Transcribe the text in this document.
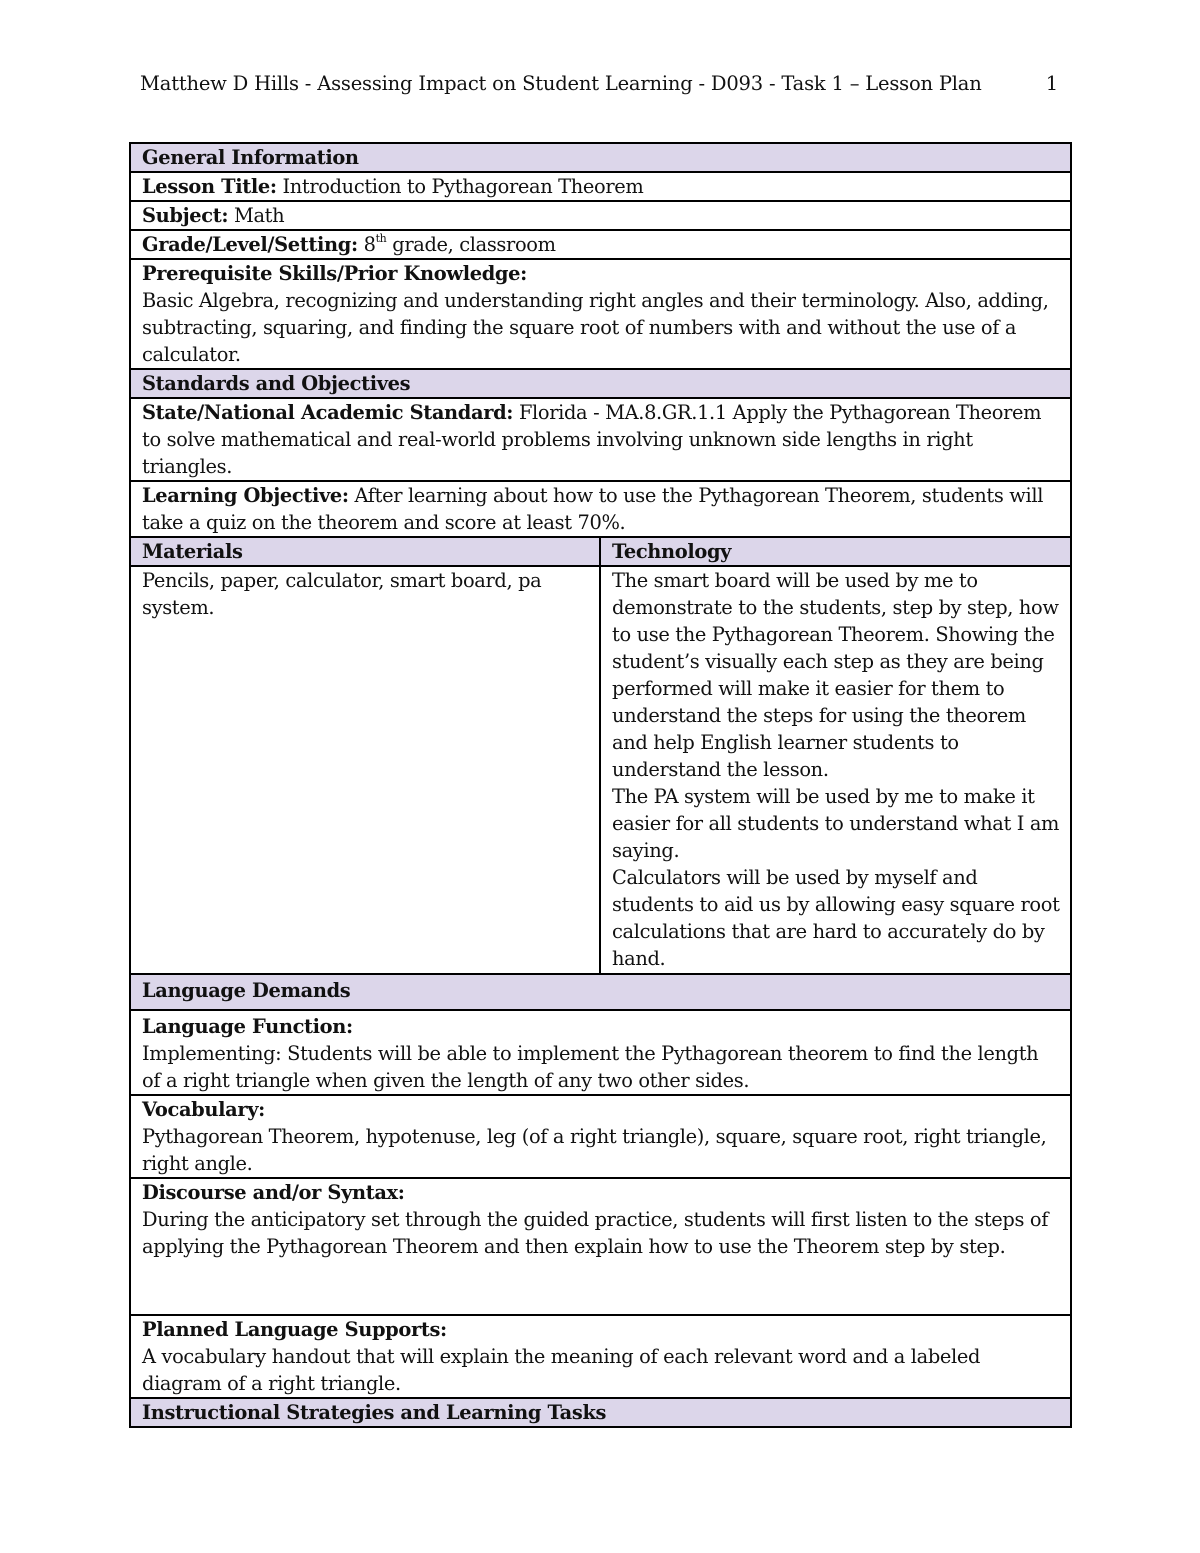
Matthew D Hills - Assessing Impact on Student Learning - D093 - Task 1 – Lesson Plan	1
General Information	
Lesson Title: Introduction to Pythagorean Theorem	
Subject: Math	
Grade/Level/Setting: 8th grade, classroom	

Prerequisite Skills/Prior Knowledge:
Basic Algebra, recognizing and understanding right angles and their terminology. Also, adding, subtracting, squaring, and finding the square root of numbers with and without the use of a calculator.	
Standards and Objectives	
State/National Academic Standard: Florida - MA.8.GR.1.1 Apply the Pythagorean Theorem to solve mathematical and real-world problems involving unknown side lengths in right triangles.	
Learning Objective: After learning about how to use the Pythagorean Theorem, students will take a quiz on the theorem and score at least 70%.	
Materials	Technology

Pencils, paper, calculator, smart board, pa system.	The smart board will be used by me to demonstrate to the students, step by step, how to use the Pythagorean Theorem. Showing the student’s visually each step as they are being performed will make it easier for them to understand the steps for using the theorem and help English learner students to understand the lesson.
The PA system will be used by me to make it easier for all students to understand what I am saying.
Calculators will be used by myself and students to aid us by allowing easy square root calculations that are hard to accurately do by hand.

Language Demands	

Language Function:
Implementing: Students will be able to implement the Pythagorean theorem to find the length of a right triangle when given the length of any two other sides.	

Vocabulary:
Pythagorean Theorem, hypotenuse, leg (of a right triangle), square, square root, right triangle, right angle.	

Discourse and/or Syntax:
During the anticipatory set through the guided practice, students will first listen to the steps of applying the Pythagorean Theorem and then explain how to use the Theorem step by step.	

Planned Language Supports:
A vocabulary handout that will explain the meaning of each relevant word and a labeled diagram of a right triangle.	
Instructional Strategies and Learning Tasks	
